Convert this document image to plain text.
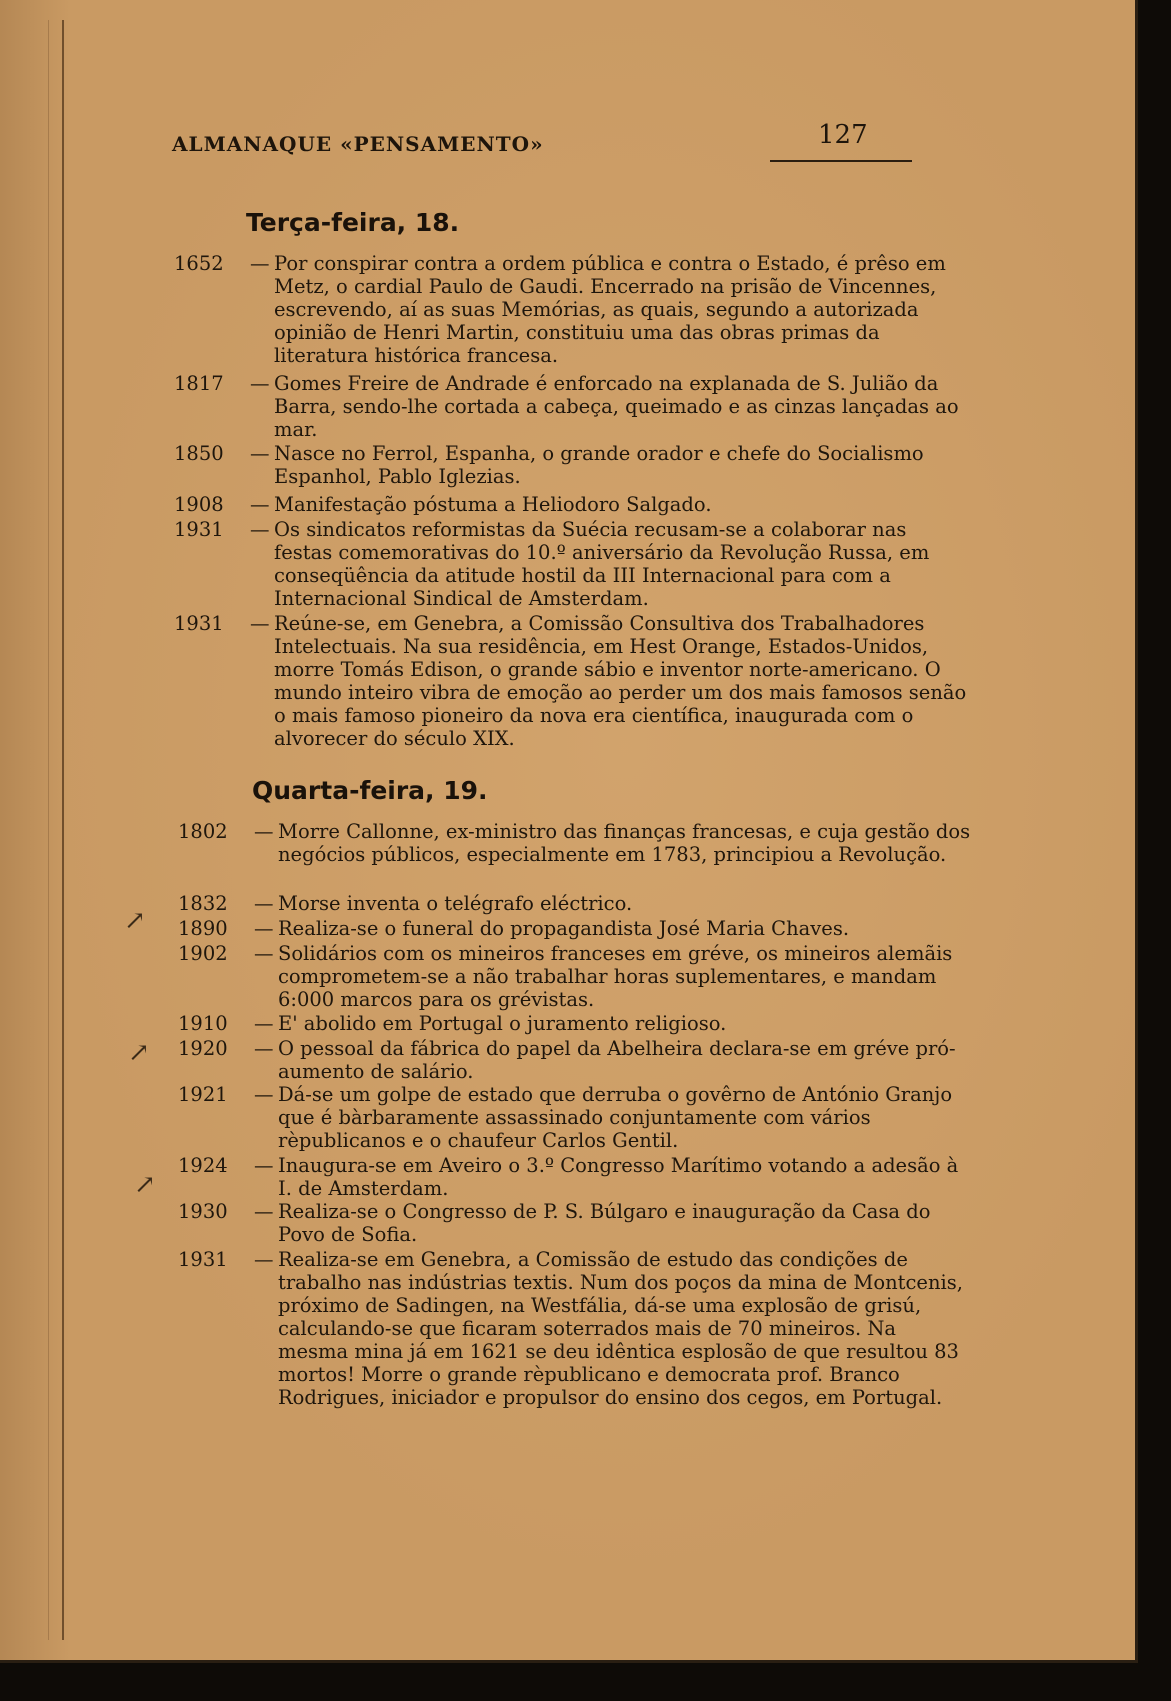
↗
↗
↗
ALMANAQUE «PENSAMENTO»	127
Terça-feira, 18.
1652	— Por conspirar contra a ordem pública e contra o Estado, é prêso em Metz, o cardial Paulo de Gaudi. Encerrado na prisão de Vincennes, escrevendo, aí as suas Memórias, as quais, segundo a autorizada opinião de Henri Martin, constituiu uma das obras primas da literatura histórica francesa.
1817	— Gomes Freire de Andrade é enforcado na explanada de S. Julião da Barra, sendo-lhe cortada a cabeça, queimado e as cinzas lançadas ao mar.
1850	— Nasce no Ferrol, Espanha, o grande orador e chefe do Socialismo Espanhol, Pablo Iglezias.
1908	— Manifestação póstuma a Heliodoro Salgado.
1931	— Os sindicatos reformistas da Suécia recusam-se a colaborar nas festas comemorativas do 10.º aniversário da Revolução Russa, em conseqüência da atitude hostil da III Internacional para com a Internacional Sindical de Amsterdam.
1931	— Reúne-se, em Genebra, a Comissão Consultiva dos Trabalhadores Intelectuais. Na sua residência, em Hest Orange, Estados-Unidos, morre Tomás Edison, o grande sábio e inventor norte-americano. O mundo inteiro vibra de emoção ao perder um dos mais famosos senão o mais famoso pioneiro da nova era científica, inaugurada com o alvorecer do século XIX.
Quarta-feira, 19.
1802	— Morre Callonne, ex-ministro das finanças francesas, e cuja gestão dos negócios públicos, especialmente em 1783, principiou a Revolução.
1832	— Morse inventa o telégrafo eléctrico.
1890	— Realiza-se o funeral do propagandista José Maria Chaves.
1902	— Solidários com os mineiros franceses em gréve, os mineiros alemãis comprometem-se a não trabalhar horas suplementares, e mandam 6:000 marcos para os grévistas.
1910	— E' abolido em Portugal o juramento religioso.
1920	— O pessoal da fábrica do papel da Abelheira declara-se em gréve pró-aumento de salário.
1921	— Dá-se um golpe de estado que derruba o govêrno de António Granjo que é bàrbaramente assassinado conjuntamente com vários rèpublicanos e o chaufeur Carlos Gentil.
1924	— Inaugura-se em Aveiro o 3.º Congresso Marítimo votando a adesão à I. de Amsterdam.
1930	— Realiza-se o Congresso de P. S. Búlgaro e inauguração da Casa do Povo de Sofia.
1931	— Realiza-se em Genebra, a Comissão de estudo das condições de trabalho nas indústrias textis. Num dos poços da mina de Montcenis, próximo de Sadingen, na Westfália, dá-se uma explosão de grisú, calculando-se que ficaram soterrados mais de 70 mineiros. Na mesma mina já em 1621 se deu idêntica esplosão de que resultou 83 mortos! Morre o grande rèpublicano e democrata prof. Branco Rodrigues, iniciador e propulsor do ensino dos cegos, em Portugal.
